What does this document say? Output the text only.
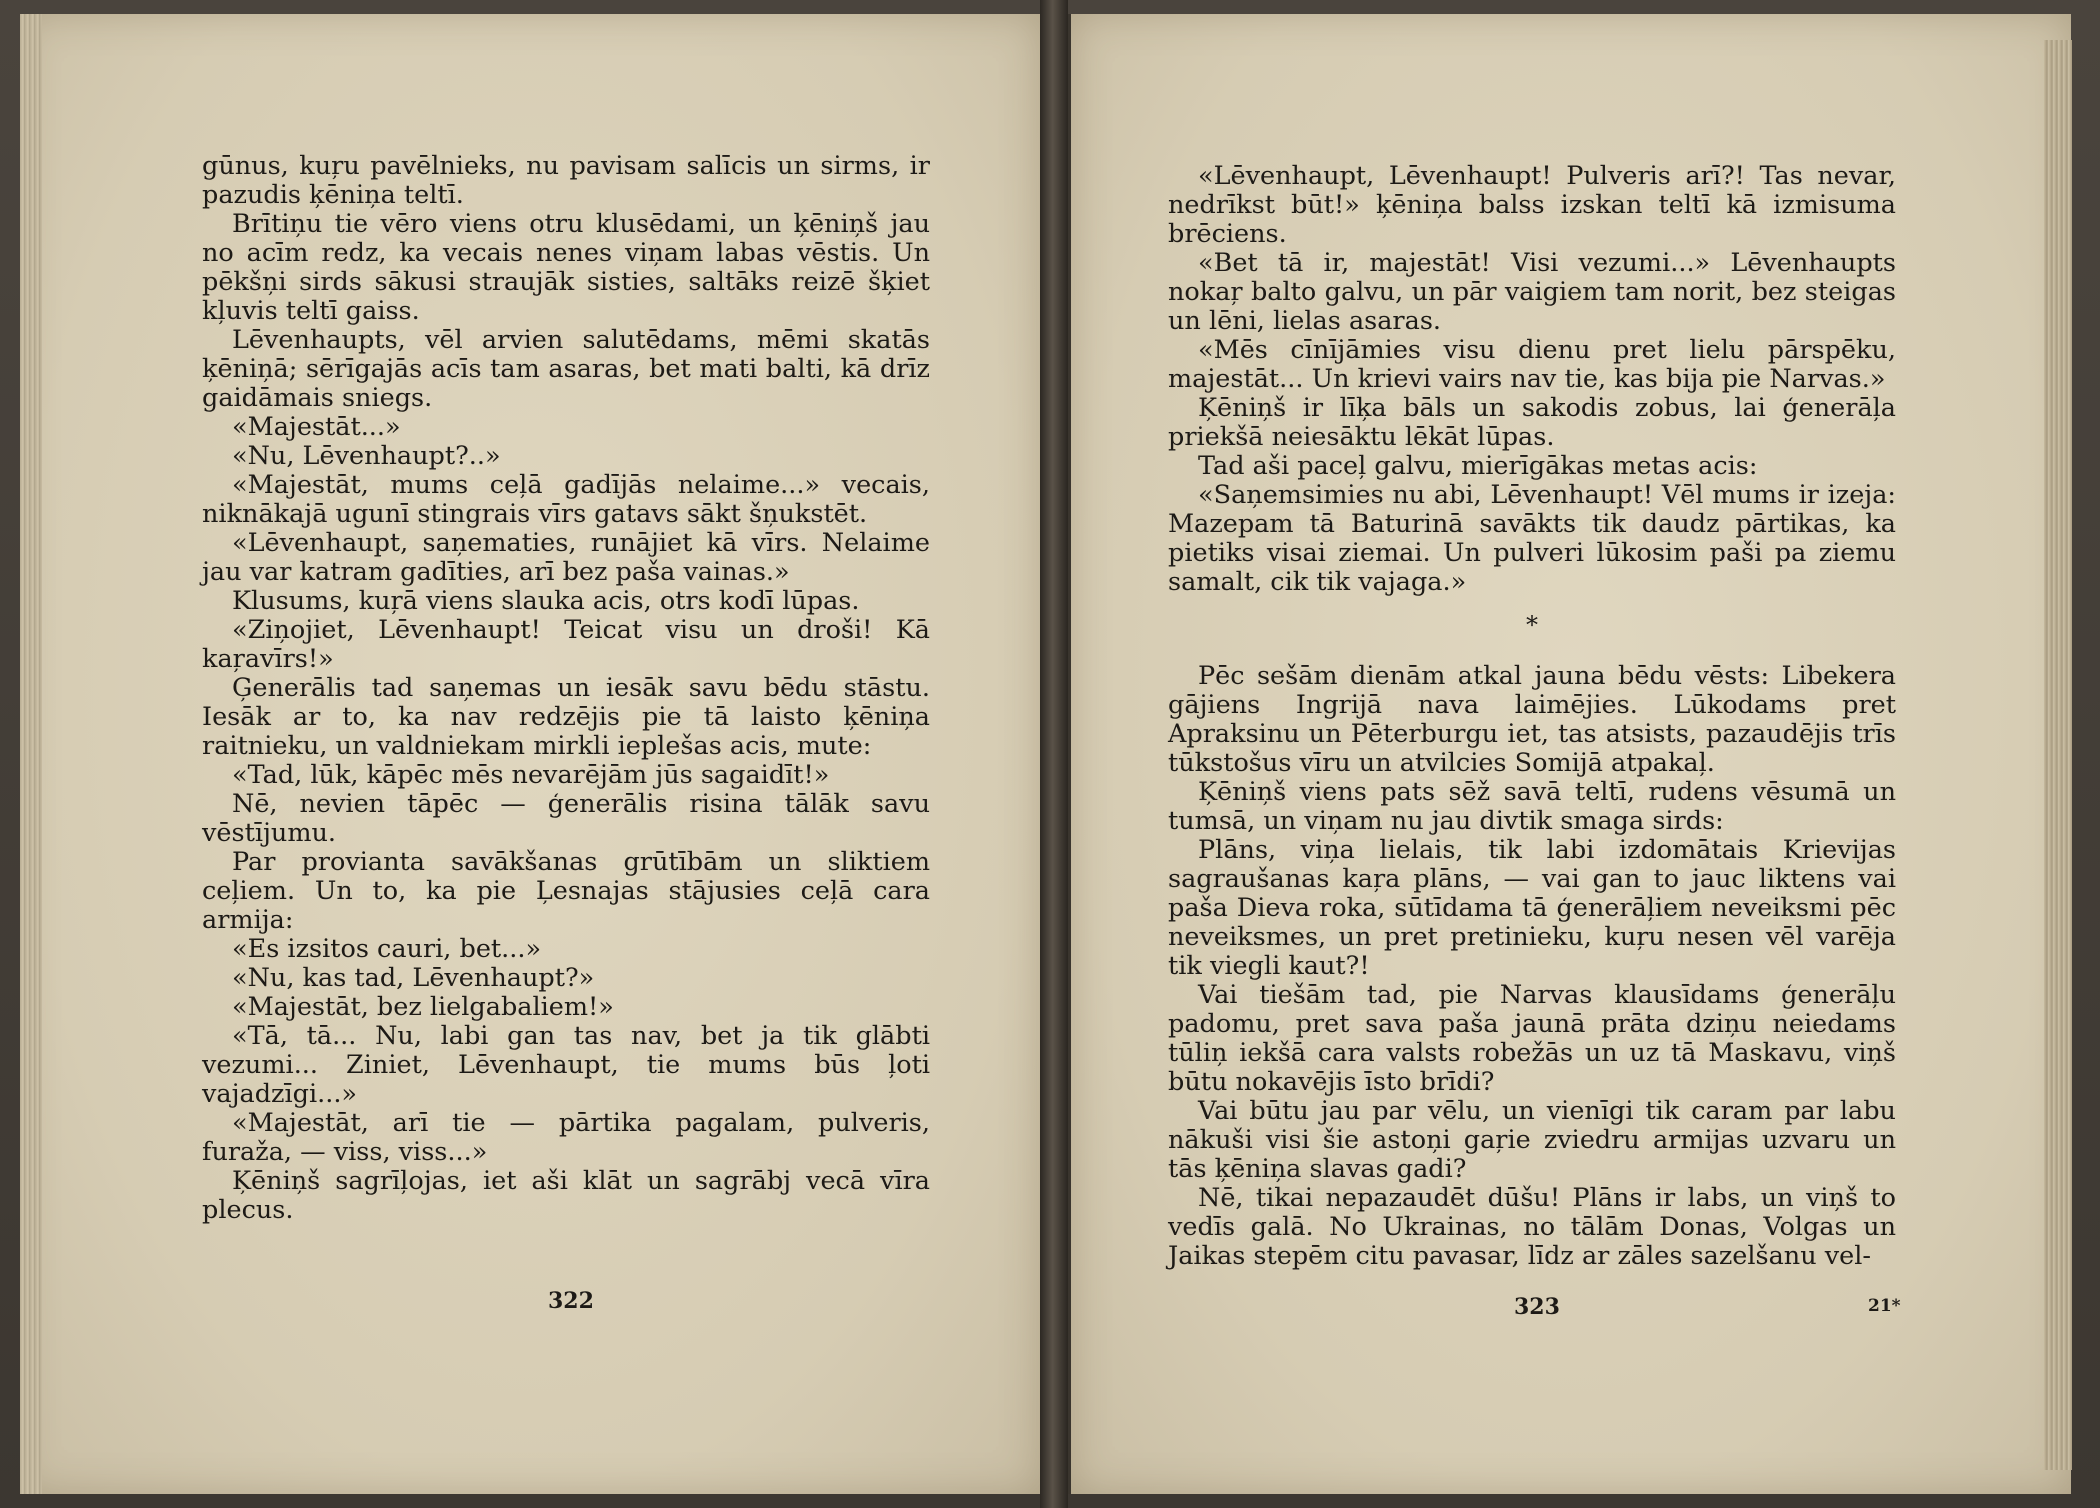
gūnus, kuŗu pavēlnieks, nu pavisam salīcis un sirms, ir pazudis ķēniņa teltī.

Brītiņu tie vēro viens otru klusēdami, un ķēniņš jau no acīm redz, ka vecais nenes viņam labas vēstis. Un pēkšņi sirds sākusi straujāk sisties, saltāks reizē šķiet kļuvis teltī gaiss.

Lēvenhaupts, vēl arvien salutēdams, mēmi skatās ķēniņā; sērīgajās acīs tam asaras, bet mati balti, kā drīz gaidāmais sniegs.

«Majestāt...»

«Nu, Lēvenhaupt?..»

«Majestāt, mums ceļā gadījās nelaime...» vecais, niknākajā ugunī stingrais vīrs gatavs sākt šņukstēt.

«Lēvenhaupt, saņematies, runājiet kā vīrs. Nelaime jau var katram gadīties, arī bez paša vainas.»

Klusums, kuŗā viens slauka acis, otrs kodī lūpas.

«Ziņojiet, Lēvenhaupt! Teicat visu un droši! Kā kaŗavīrs!»

Ģenerālis tad saņemas un iesāk savu bēdu stāstu. Iesāk ar to, ka nav redzējis pie tā laisto ķēniņa raitnieku, un valdniekam mirkli ieplešas acis, mute:

«Tad, lūk, kāpēc mēs nevarējām jūs sagaidīt!»

Nē, nevien tāpēc — ģenerālis risina tālāk savu vēstījumu.

Par provianta savākšanas grūtībām un sliktiem ceļiem. Un to, ka pie Ļesnajas stājusies ceļā cara armija:

«Es izsitos cauri, bet...»

«Nu, kas tad, Lēvenhaupt?»

«Majestāt, bez lielgabaliem!»

«Tā, tā... Nu, labi gan tas nav, bet ja tik glābti vezumi... Ziniet, Lēvenhaupt, tie mums būs ļoti vajadzīgi...»

«Majestāt, arī tie — pārtika pagalam, pulveris, furaža, — viss, viss...»

Ķēniņš sagrīļojas, iet aši klāt un sagrābj vecā vīra plecus.

322

«Lēvenhaupt, Lēvenhaupt! Pulveris arī?! Tas nevar, nedrīkst būt!» ķēniņa balss izskan teltī kā izmisuma brēciens.

«Bet tā ir, majestāt! Visi vezumi...» Lēvenhaupts nokaŗ balto galvu, un pār vaigiem tam norit, bez steigas un lēni, lielas asaras.

«Mēs cīnījāmies visu dienu pret lielu pārspēku, majestāt... Un krievi vairs nav tie, kas bija pie Narvas.»

Ķēniņš ir līķa bāls un sakodis zobus, lai ģenerāļa priekšā neiesāktu lēkāt lūpas.

Tad aši paceļ galvu, mierīgākas metas acis:

«Saņemsimies nu abi, Lēvenhaupt! Vēl mums ir izeja: Mazepam tā Baturinā savākts tik daudz pārtikas, ka pietiks visai ziemai. Un pulveri lūkosim paši pa ziemu samalt, cik tik vajaga.»

*

Pēc sešām dienām atkal jauna bēdu vēsts: Libekera gājiens Ingrijā nava laimējies. Lūkodams pret Apraksinu un Pēterburgu iet, tas atsists, pazaudējis trīs tūkstošus vīru un atvilcies Somijā atpakaļ.

Ķēniņš viens pats sēž savā teltī, rudens vēsumā un tumsā, un viņam nu jau divtik smaga sirds:

Plāns, viņa lielais, tik labi izdomātais Krievijas sagraušanas kaŗa plāns, — vai gan to jauc liktens vai paša Dieva roka, sūtīdama tā ģenerāļiem neveiksmi pēc neveiksmes, un pret pretinieku, kuŗu nesen vēl varēja tik viegli kaut?!

Vai tiešām tad, pie Narvas klausīdams ģenerāļu padomu, pret sava paša jaunā prāta dziņu neiedams tūliņ iekšā cara valsts robežās un uz tā Maskavu, viņš būtu nokavējis īsto brīdi?

Vai būtu jau par vēlu, un vienīgi tik caram par labu nākuši visi šie astoņi gaŗie zviedru armijas uzvaru un tās ķēniņa slavas gadi?

Nē, tikai nepazaudēt dūšu! Plāns ir labs, un viņš to vedīs galā. No Ukrainas, no tālām Donas, Volgas un Jaikas stepēm citu pavasar, līdz ar zāles sazelšanu vel-

323	21*
